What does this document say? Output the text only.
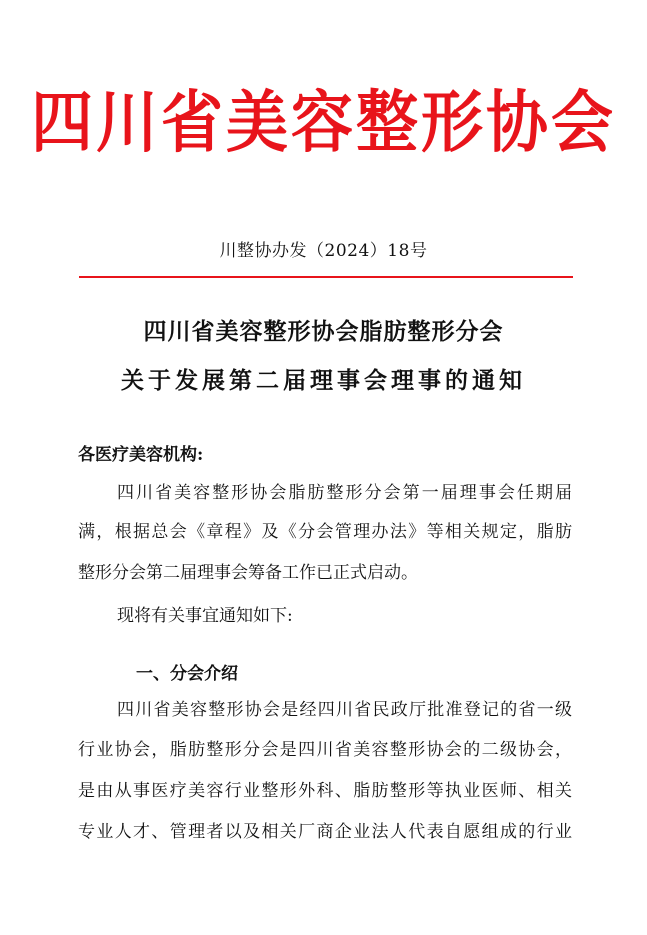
四川省美容整形协会
川整协办发（2024）18号
四川省美容整形协会脂肪整形分会
关于发展第二届理事会理事的通知
各医疗美容机构:
四川省美容整形协会脂肪整形分会第一届理事会任期届
满，根据总会《章程》及《分会管理办法》等相关规定，脂肪
整形分会第二届理事会筹备工作已正式启动。
现将有关事宜通知如下:
一、分会介绍
四川省美容整形协会是经四川省民政厅批准登记的省一级
行业协会，脂肪整形分会是四川省美容整形协会的二级协会，
是由从事医疗美容行业整形外科、脂肪整形等执业医师、相关
专业人才、管理者以及相关厂商企业法人代表自愿组成的行业
